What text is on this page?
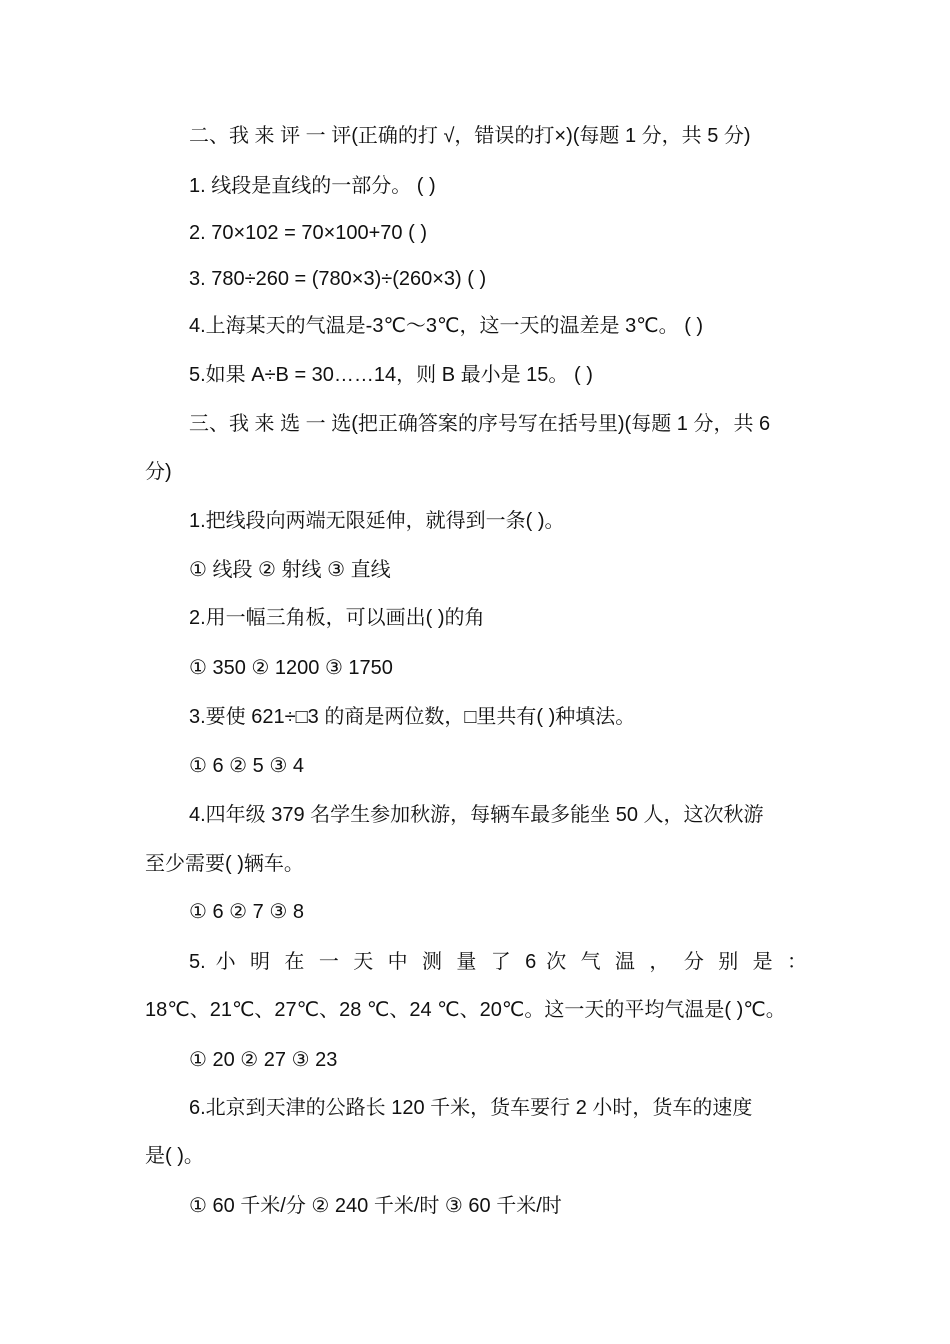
二、我 来 评 一 评(正确的打 √，错误的打×)(每题 1 分，共 5 分)
1. 线段是直线的一部分。 ( )
2. 70×102 = 70×100+70 ( )
3. 780÷260 = (780×3)÷(260×3) ( )
4.上海某天的气温是-3℃～3℃，这一天的温差是 3℃。 ( )
5.如果 A÷B = 30……14，则 B 最小是 15。 ( )
三、我 来 选 一 选(把正确答案的序号写在括号里)(每题 1 分，共 6
分)
1.把线段向两端无限延伸，就得到一条( )。
① 线段 ② 射线 ③ 直线
2.用一幅三角板，可以画出( )的角
① 350 ② 1200 ③ 1750
3.要使 621÷□3 的商是两位数，□里共有( )种填法。
① 6 ② 5 ③ 4
4.四年级 379 名学生参加秋游，每辆车最多能坐 50 人，这次秋游
至少需要( )辆车。
① 6 ② 7 ③ 8
5. 小 明 在 一 天 中 测 量 了 6 次 气 温 ， 分 别 是 ：
18℃、21℃、27℃、28 ℃、24 ℃、20℃。这一天的平均气温是( )℃。
① 20 ② 27 ③ 23
6.北京到天津的公路长 120 千米，货车要行 2 小时，货车的速度
是( )。
① 60 千米/分 ② 240 千米/时 ③ 60 千米/时
